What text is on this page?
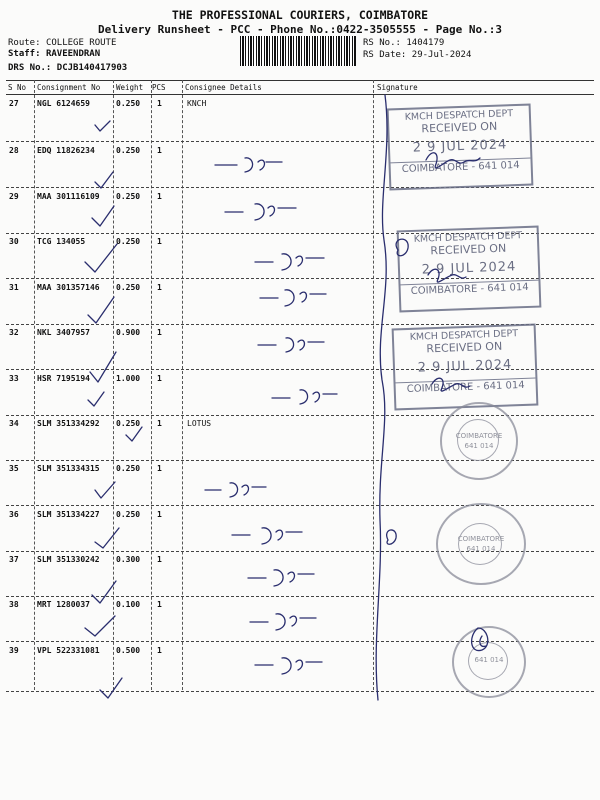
THE PROFESSIONAL COURIERS, COIMBATORE
Delivery Runsheet - PCC - Phone No.:0422-3505555 - Page No.:3
Route: COLLEGE ROUTE
Staff: RAVEENDRAN
DRS No.: DCJB140417903
RS No.: 1404179
RS Date: 29-Jul-2024
S No Consignment No Weight PCS	Consignee Details	Signature
27 NGL 6124659	0.250 1	KNCH
28 EDQ 11826234	0.250 1
29 MAA 301116109 0.250 1
30 TCG 134055	0.250 1
31 MAA 301357146 0.250 1
32 NKL 3407957	0.900 1
33 HSR 7195194	1.000 1
34 SLM 351334292 0.250 1	LOTUS
35 SLM 351334315 0.250 1
36 SLM 351334227 0.250 1
37 SLM 351330242 0.300 1
38 MRT 1280037	0.100 1
39 VPL 522331081 0.500 1
KMCH DESPATCH DEPT
RECEIVED ON
2 9 JUL 2024
COIMBATORE - 641 014
KMCH DESPATCH DEPT
RECEIVED ON
2 9 JUL 2024
COIMBATORE - 641 014
KMCH DESPATCH DEPT
RECEIVED ON
2 9 JUL 2024
COIMBATORE - 641 014
COIMBATORE
641 014
COIMBATORE
641 014
641 014
